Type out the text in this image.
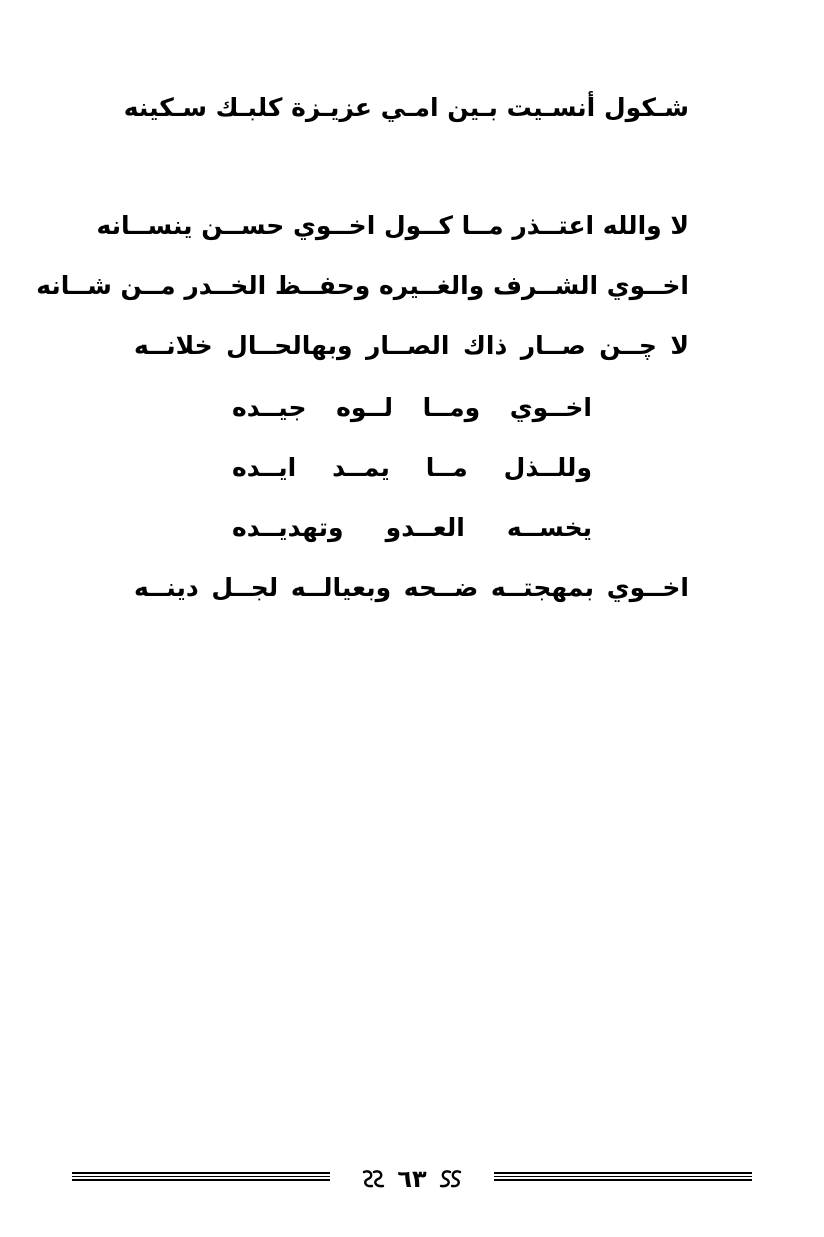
شـكول أنسـيت بـين امـي عزيـزة كلبـك سـكينه

لا والله اعتــذر مــا كــول اخــوي حســن ينســانه

اخــوي الشــرف والغــيره وحفــظ الخــدر مــن شــانه

لا چــن صــار ذاك الصــار وبهالحــال خلانــه

اخــوي ومــا لــوه جيــده

وللــذل مــا يمــد ايــده

يخســه العــدو وتهديــده

اخــوي بمهجتــه ضــحه وبعيالــه لجــل دينــه

٦٣
